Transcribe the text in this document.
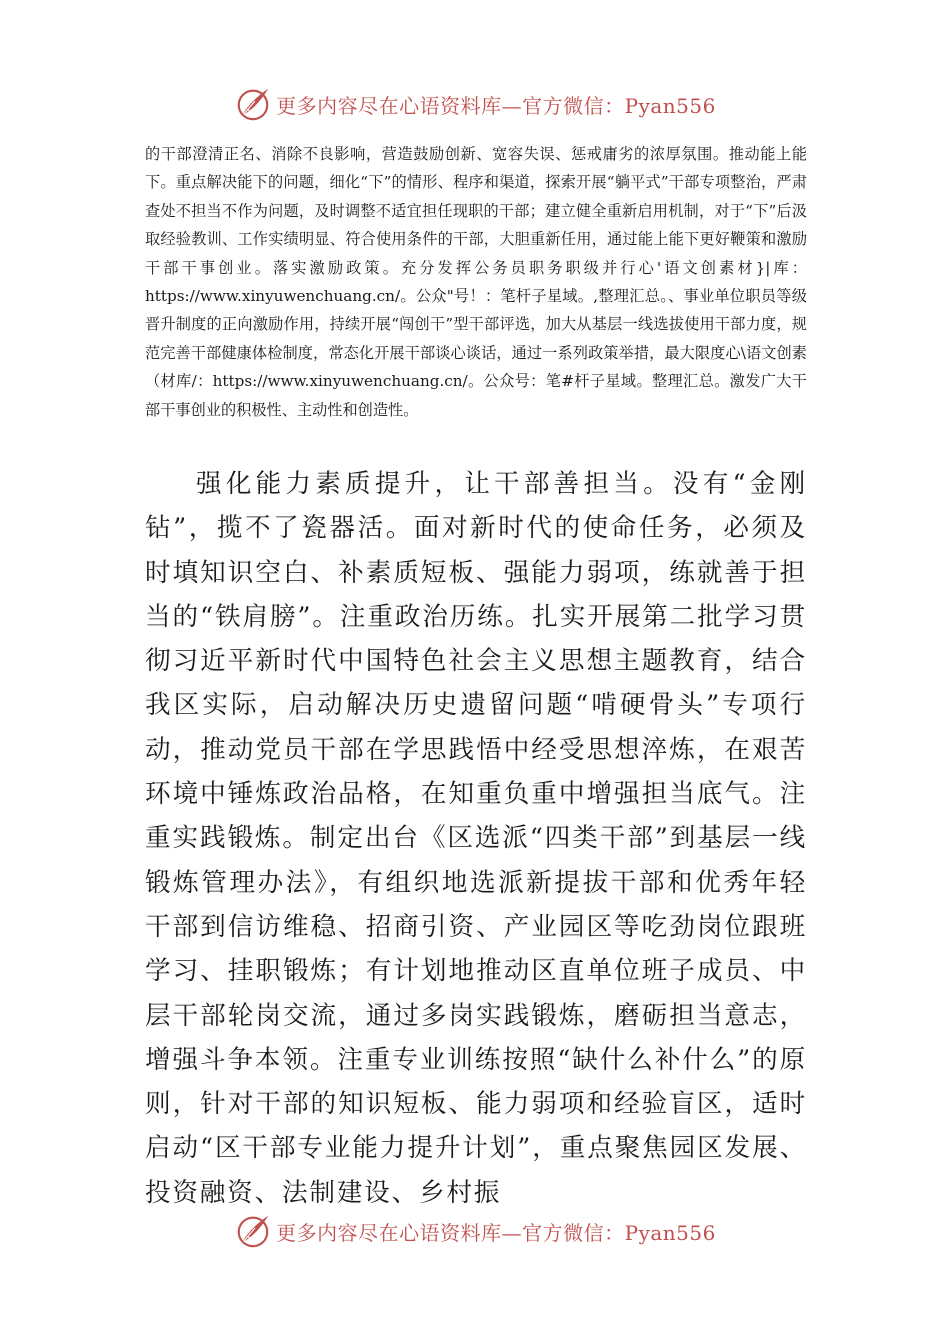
更多内容尽在心语资料库—官方微信：Pyan556
的干部澄清正名、消除不良影响，营造鼓励创新、宽容失误、惩戒庸劣的浓厚氛围。推动能上能下。重点解决能下的问题，细化“下”的情形、程序和渠道，探索开展“躺平式”干部专项整治，严肃查处不担当不作为问题，及时调整不适宜担任现职的干部；建立健全重新启用机制，对于“下”后汲取经验教训、工作实绩明显、符合使用条件的干部，大胆重新任用，通过能上能下更好鞭策和激励干部干事创业。落实激励政策。充分发挥公务员职务职级并行心'语文创素材}|库：https://www.xinyuwenchuang.cn/。公众"号！：笔杆子星域。,整理汇总。、事业单位职员等级晋升制度的正向激励作用，持续开展“闯创干”型干部评选，加大从基层一线选拔使用干部力度，规范完善干部健康体检制度，常态化开展干部谈心谈话，通过一系列政策举措，最大限度心\语文创素（材库/：https://www.xinyuwenchuang.cn/。公众号：笔#杆子星域。整理汇总。激发广大干部干事创业的积极性、主动性和创造性。
强化能力素质提升，让干部善担当。没有“金刚钻”，揽不了瓷器活。面对新时代的使命任务，必须及时填知识空白、补素质短板、强能力弱项，练就善于担当的“铁肩膀”。注重政治历练。扎实开展第二批学习贯彻习近平新时代中国特色社会主义思想主题教育，结合我区实际，启动解决历史遗留问题“啃硬骨头”专项行动，推动党员干部在学思践悟中经受思想淬炼，在艰苦环境中锤炼政治品格，在知重负重中增强担当底气。注重实践锻炼。制定出台《区选派“四类干部”到基层一线锻炼管理办法》，有组织地选派新提拔干部和优秀年轻干部到信访维稳、招商引资、产业园区等吃劲岗位跟班学习、挂职锻炼；有计划地推动区直单位班子成员、中层干部轮岗交流，通过多岗实践锻炼，磨砺担当意志，增强斗争本领。注重专业训练按照“缺什么补什么”的原则，针对干部的知识短板、能力弱项和经验盲区，适时启动“区干部专业能力提升计划”，重点聚焦园区发展、投资融资、法制建设、乡村振
更多内容尽在心语资料库—官方微信：Pyan556
